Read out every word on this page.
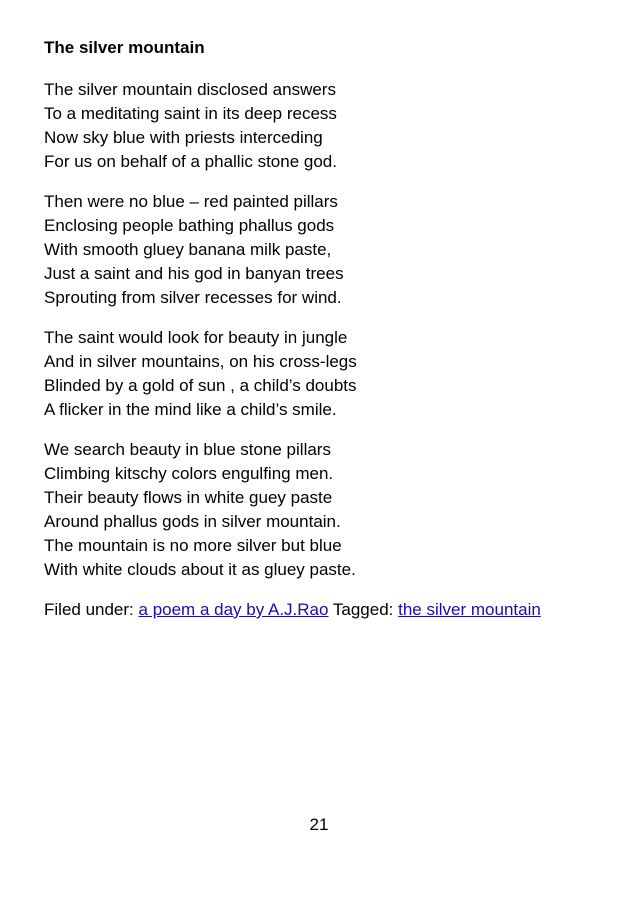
The silver mountain
The silver mountain disclosed answers
To a meditating saint in its deep recess
Now sky blue with priests interceding
For us on behalf of a phallic stone god.
Then were no blue – red painted pillars
Enclosing people bathing phallus gods
With smooth gluey banana milk paste,
Just a saint and his god in banyan trees
Sprouting from silver recesses for wind.
The saint would look for beauty in jungle
And in silver mountains, on his cross-legs
Blinded by a gold of sun , a child’s doubts
A flicker in the mind like a child’s smile.
We search beauty in blue stone pillars
Climbing kitschy colors engulfing men.
Their beauty flows in white guey paste
Around phallus gods in silver mountain.
The mountain is no more silver but blue
With white clouds about it as gluey paste.
Filed under: a poem a day by A.J.Rao Tagged: the silver mountain
21
